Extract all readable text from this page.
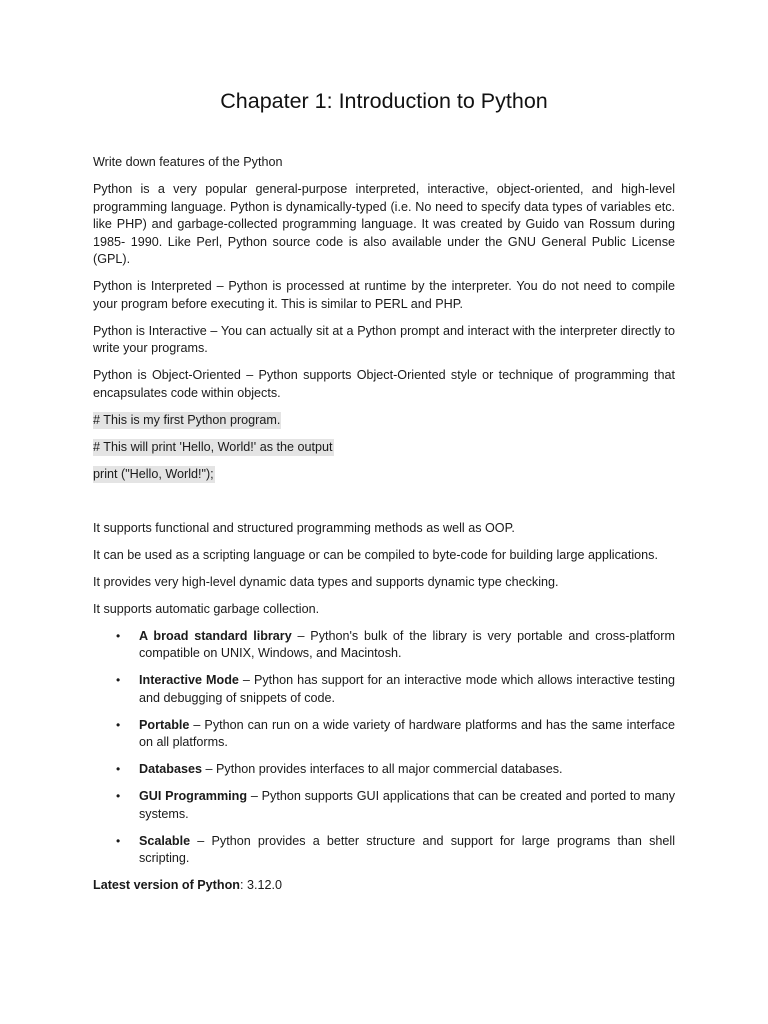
Chapater 1: Introduction to Python

Write down features of the Python

Python is a very popular general-purpose interpreted, interactive, object-oriented, and high-level programming language. Python is dynamically-typed (i.e. No need to specify data types of variables etc. like PHP) and garbage-collected programming language. It was created by Guido van Rossum during 1985- 1990. Like Perl, Python source code is also available under the GNU General Public License (GPL).

Python is Interpreted – Python is processed at runtime by the interpreter. You do not need to compile your program before executing it. This is similar to PERL and PHP.

Python is Interactive – You can actually sit at a Python prompt and interact with the interpreter directly to write your programs.

Python is Object-Oriented – Python supports Object-Oriented style or technique of programming that encapsulates code within objects.

# This is my first Python program.
# This will print 'Hello, World!' as the output
print ("Hello, World!");

It supports functional and structured programming methods as well as OOP.

It can be used as a scripting language or can be compiled to byte-code for building large applications.

It provides very high-level dynamic data types and supports dynamic type checking.

It supports automatic garbage collection.

• A broad standard library – Python's bulk of the library is very portable and cross-platform compatible on UNIX, Windows, and Macintosh.
• Interactive Mode – Python has support for an interactive mode which allows interactive testing and debugging of snippets of code.
• Portable – Python can run on a wide variety of hardware platforms and has the same interface on all platforms.
• Databases – Python provides interfaces to all major commercial databases.
• GUI Programming – Python supports GUI applications that can be created and ported to many systems.
• Scalable – Python provides a better structure and support for large programs than shell scripting.

Latest version of Python: 3.12.0
